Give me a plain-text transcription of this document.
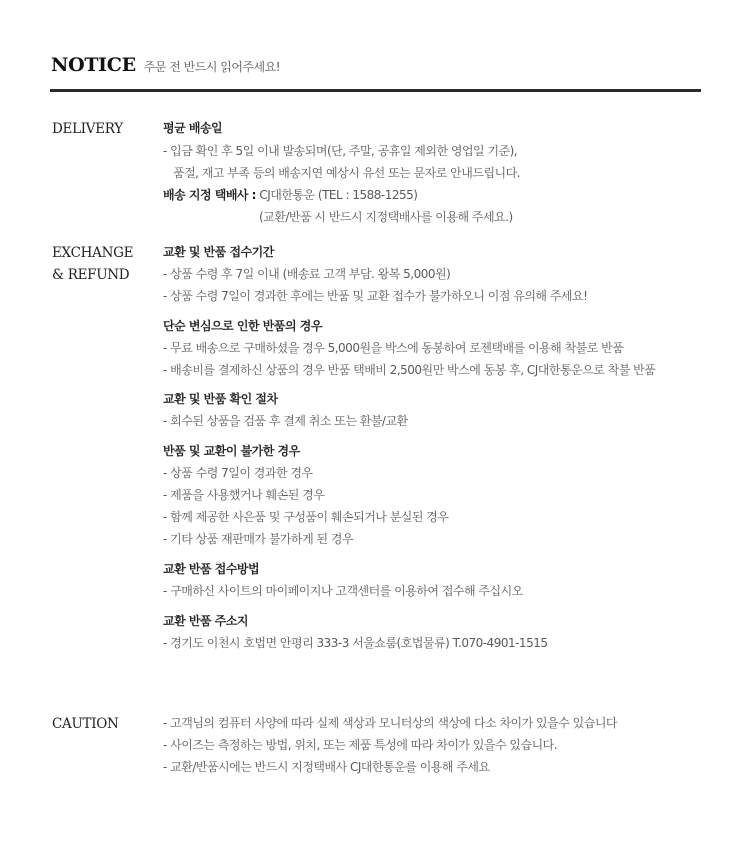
NOTICE 주문 전 반드시 읽어주세요!
DELIVERY	평균 배송일
- 입금 확인 후 5일 이내 발송되며(단, 주말, 공휴일 제외한 영업일 기준),
품절, 재고 부족 등의 배송지연 예상시 유선 또는 문자로 안내드립니다.
배송 지정 택배사 : CJ대한통운 (TEL : 1588-1255)
(교환/반품 시 반드시 지정택배사를 이용해 주세요.)
EXCHANGE
& REFUND
교환 및 반품 접수기간
- 상품 수령 후 7일 이내 (배송료 고객 부담. 왕복 5,000원)
- 상품 수령 7일이 경과한 후에는 반품 및 교환 접수가 불가하오니 이점 유의해 주세요!
단순 변심으로 인한 반품의 경우
- 무료 배송으로 구매하셨을 경우 5,000원을 박스에 동봉하여 로젠택배를 이용해 착불로 반품
- 배송비를 결제하신 상품의 경우 반품 택배비 2,500원만 박스에 동봉 후, CJ대한통운으로 착불 반품
교환 및 반품 확인 절차
- 회수된 상품을 검품 후 결제 취소 또는 환불/교환
반품 및 교환이 불가한 경우
- 상품 수령 7일이 경과한 경우
- 제품을 사용했거나 훼손된 경우
- 함께 제공한 사은품 및 구성품이 훼손되거나 분실된 경우
- 기타 상품 재판매가 불가하게 된 경우
교환 반품 접수방법
- 구매하신 사이트의 마이페이지나 고객센터를 이용하여 접수해 주십시오
교환 반품 주소지
- 경기도 이천시 호법면 안평리 333-3 서울쇼룸(호법물류) T.070-4901-1515
CAUTION	- 고객님의 컴퓨터 사양에 따라 실제 색상과 모니터상의 색상에 다소 차이가 있을수 있습니다
- 사이즈는 측정하는 방법, 위치, 또는 제품 특성에 따라 차이가 있을수 있습니다.
- 교환/반품시에는 반드시 지정택배사 CJ대한통운를 이용해 주세요
